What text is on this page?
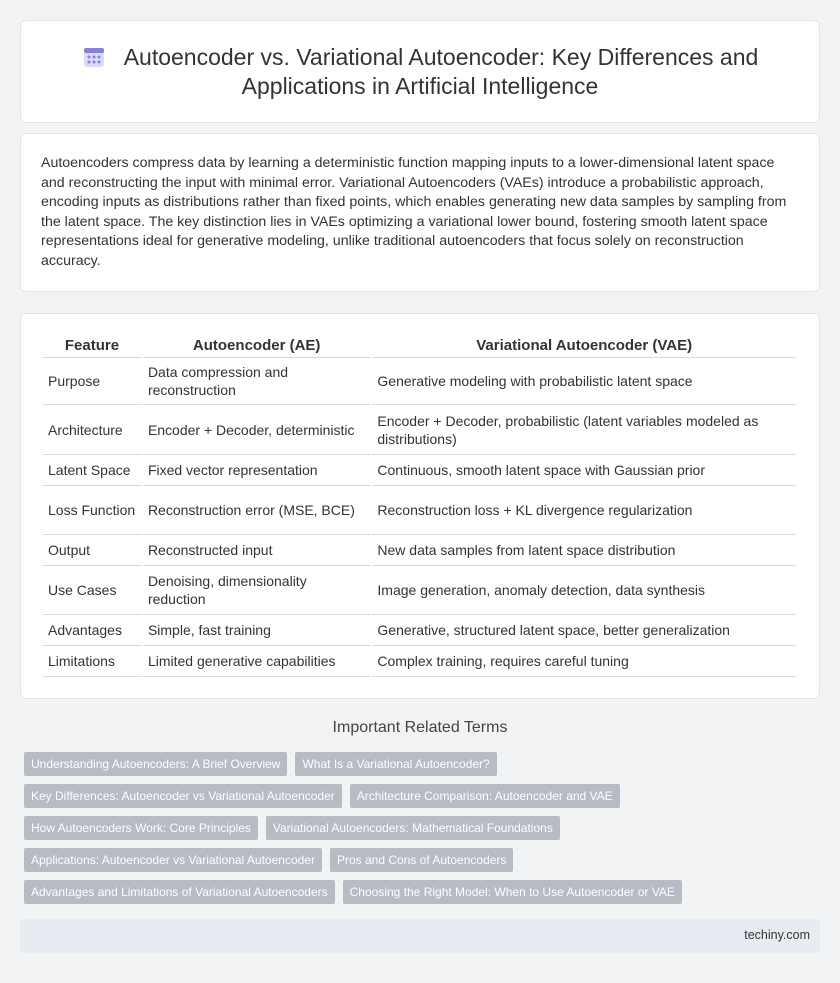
Autoencoder vs. Variational Autoencoder: Key Differences and Applications in Artificial Intelligence

Autoencoders compress data by learning a deterministic function mapping inputs to a lower-dimensional latent space and reconstructing the input with minimal error. Variational Autoencoders (VAEs) introduce a probabilistic approach, encoding inputs as distributions rather than fixed points, which enables generating new data samples by sampling from the latent space. The key distinction lies in VAEs optimizing a variational lower bound, fostering smooth latent space representations ideal for generative modeling, unlike traditional autoencoders that focus solely on reconstruction accuracy.

Feature	Autoencoder (AE)	Variational Autoencoder (VAE)
Purpose	Data compression and reconstruction	Generative modeling with probabilistic latent space
Architecture	Encoder + Decoder, deterministic	Encoder + Decoder, probabilistic (latent variables modeled as distributions)
Latent Space	Fixed vector representation	Continuous, smooth latent space with Gaussian prior
Loss Function	Reconstruction error (MSE, BCE)	Reconstruction loss + KL divergence regularization
Output	Reconstructed input	New data samples from latent space distribution
Use Cases	Denoising, dimensionality reduction	Image generation, anomaly detection, data synthesis
Advantages	Simple, fast training	Generative, structured latent space, better generalization
Limitations	Limited generative capabilities	Complex training, requires careful tuning
Important Related Terms
Understanding Autoencoders: A Brief Overview	What Is a Variational Autoencoder?
Key Differences: Autoencoder vs Variational Autoencoder	Architecture Comparison: Autoencoder and VAE
How Autoencoders Work: Core Principles	Variational Autoencoders: Mathematical Foundations
Applications: Autoencoder vs Variational Autoencoder	Pros and Cons of Autoencoders
Advantages and Limitations of Variational Autoencoders	Choosing the Right Model: When to Use Autoencoder or VAE
techiny.com
